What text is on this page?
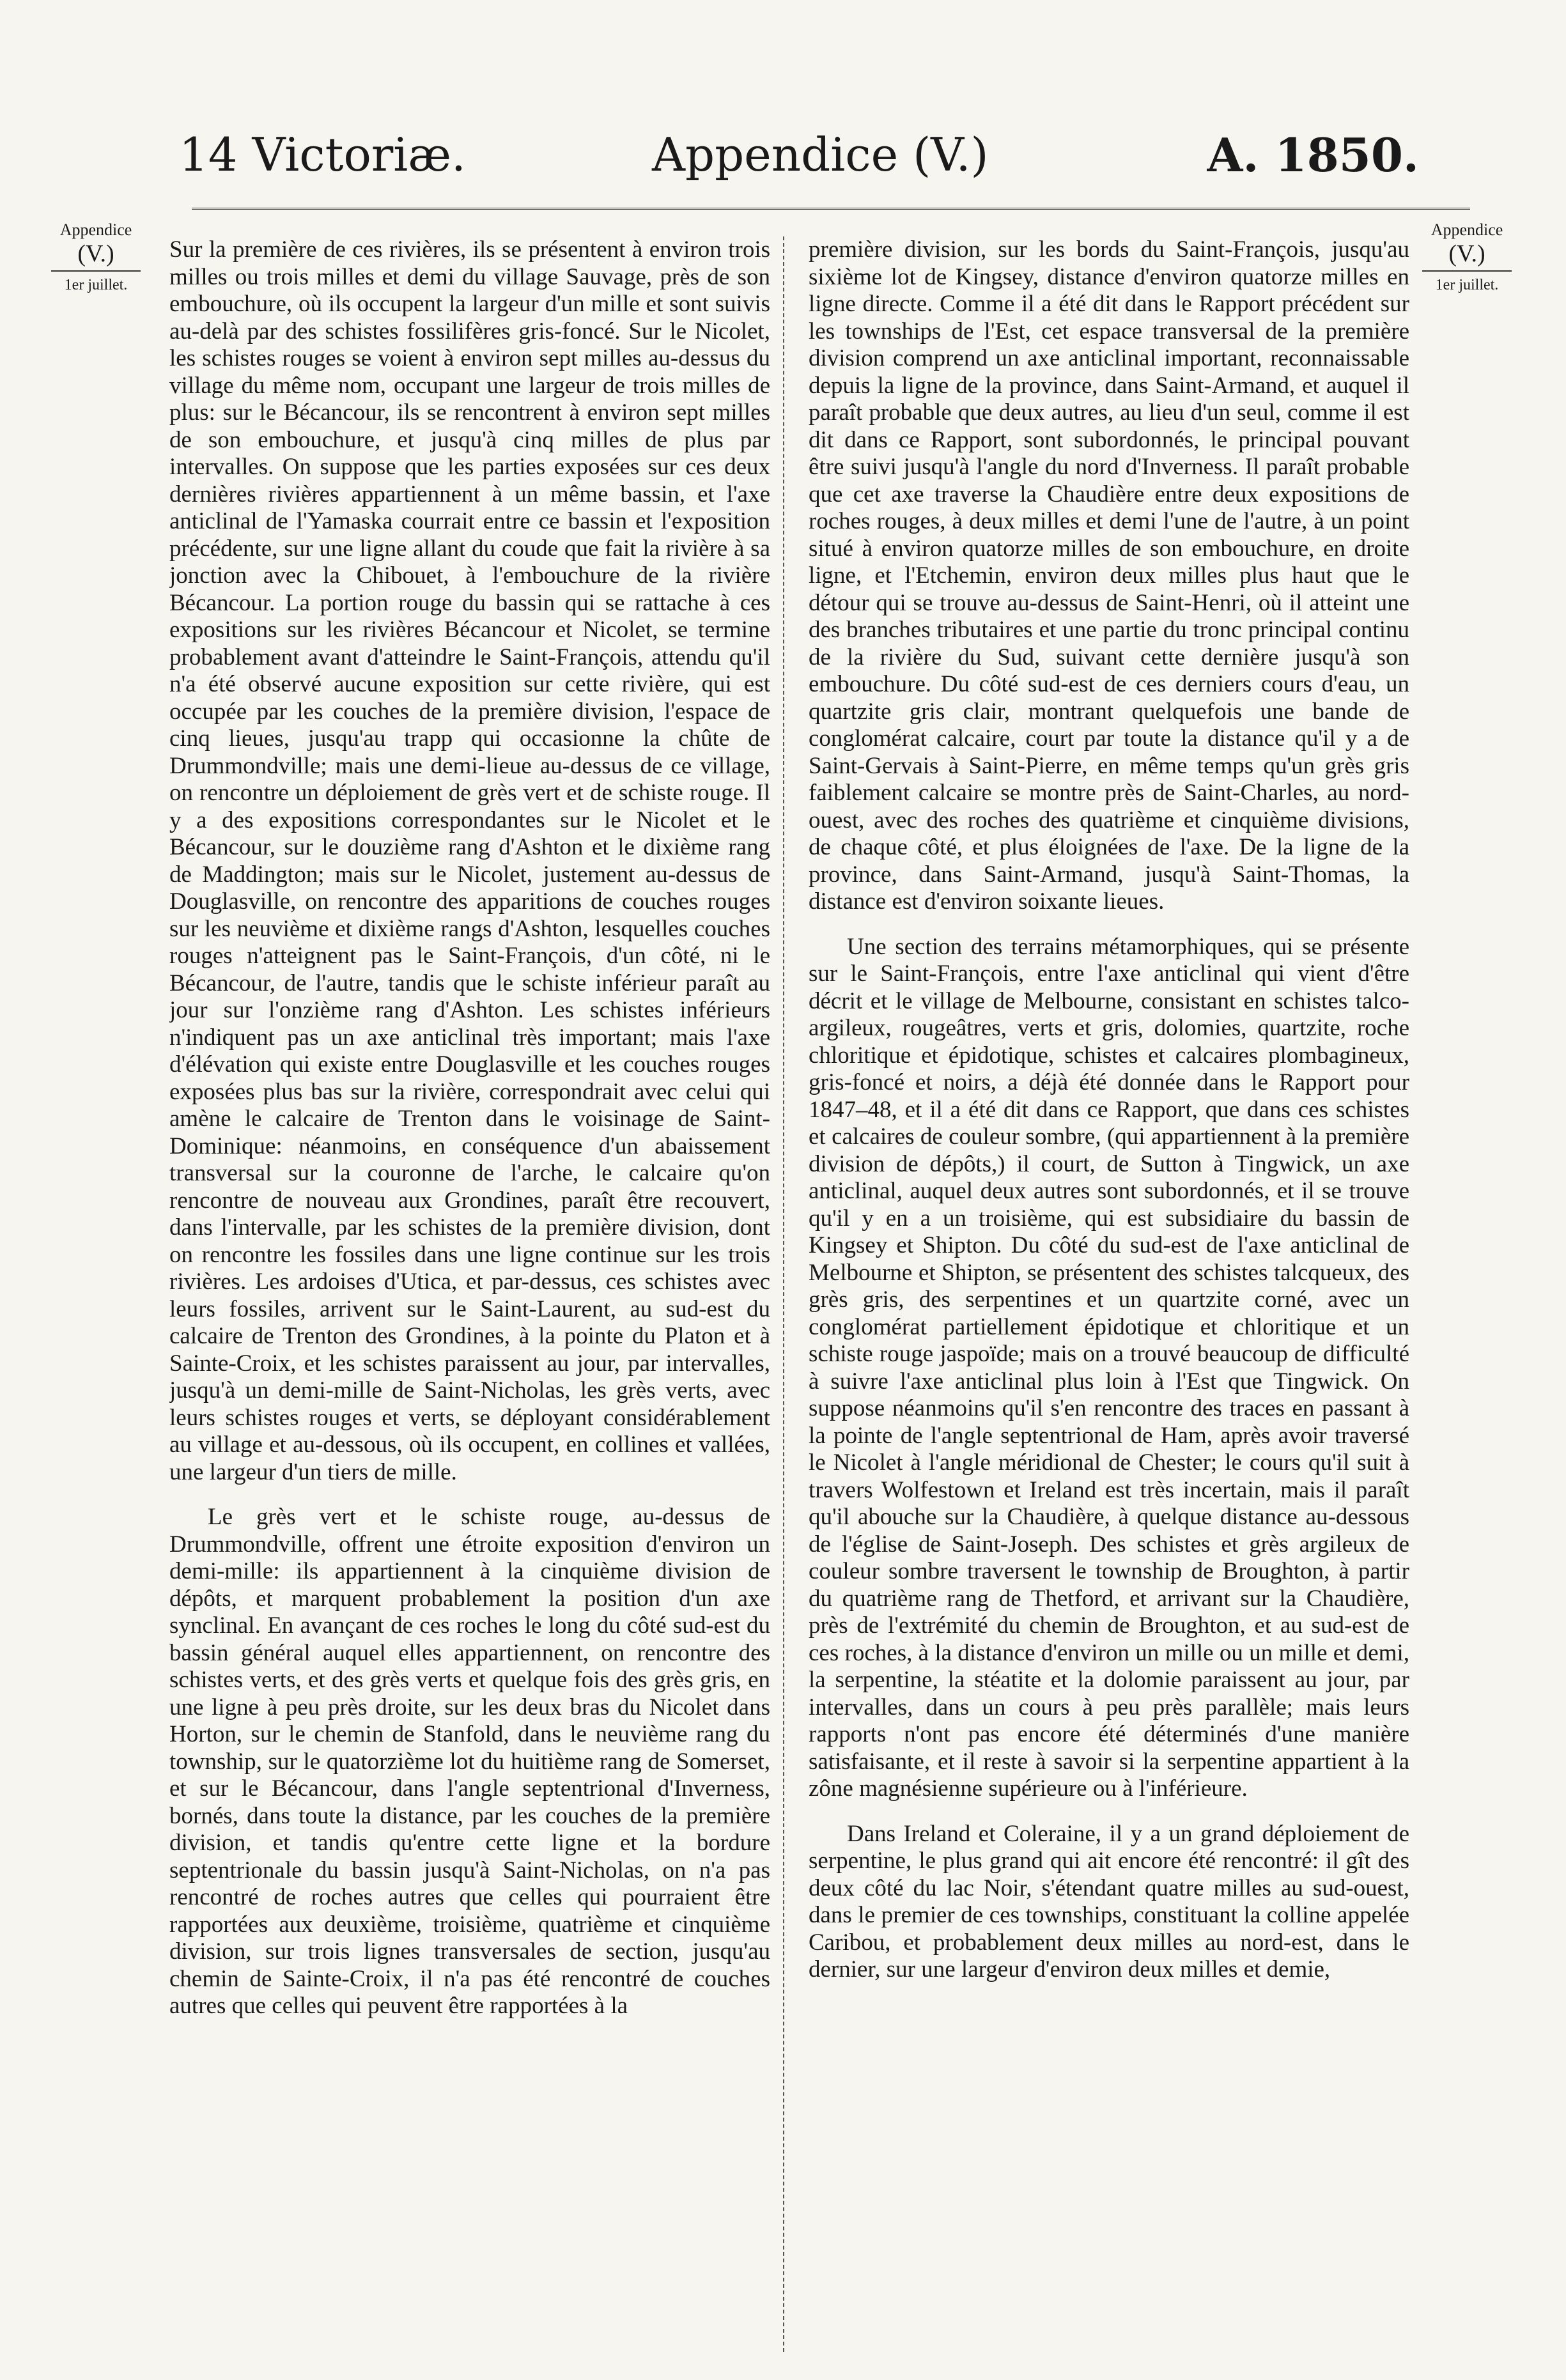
14 Victoriæ.	Appendice (V.)	A. 1850.
Appendice
(V.)
1er juillet.
Appendice
(V.)
1er juillet.

Sur la première de ces rivières, ils se présentent à environ trois milles ou trois milles et demi du village Sauvage, près de son embouchure, où ils occupent la largeur d'un mille et sont suivis au-delà par des schistes fossilifères gris-foncé. Sur le Nicolet, les schistes rouges se voient à environ sept milles au-dessus du village du même nom, occupant une largeur de trois milles de plus: sur le Bécancour, ils se rencontrent à environ sept milles de son embouchure, et jusqu'à cinq milles de plus par intervalles. On suppose que les parties exposées sur ces deux dernières rivières appartiennent à un même bassin, et l'axe anticlinal de l'Yamaska courrait entre ce bassin et l'exposition précédente, sur une ligne allant du coude que fait la rivière à sa jonction avec la Chibouet, à l'embouchure de la rivière Bécancour. La portion rouge du bassin qui se rattache à ces expositions sur les rivières Bécancour et Nicolet, se termine probablement avant d'atteindre le Saint-François, attendu qu'il n'a été observé aucune exposition sur cette rivière, qui est occupée par les couches de la première division, l'espace de cinq lieues, jusqu'au trapp qui occasionne la chûte de Drummondville; mais une demi-lieue au-dessus de ce village, on rencontre un déploiement de grès vert et de schiste rouge. Il y a des expositions correspondantes sur le Nicolet et le Bécancour, sur le douzième rang d'Ashton et le dixième rang de Maddington; mais sur le Nicolet, justement au-dessus de Douglasville, on rencontre des apparitions de couches rouges sur les neuvième et dixième rangs d'Ashton, lesquelles couches rouges n'atteignent pas le Saint-François, d'un côté, ni le Bécancour, de l'autre, tandis que le schiste inférieur paraît au jour sur l'onzième rang d'Ashton. Les schistes inférieurs n'indiquent pas un axe anticlinal très important; mais l'axe d'élévation qui existe entre Douglasville et les couches rouges exposées plus bas sur la rivière, correspondrait avec celui qui amène le calcaire de Trenton dans le voisinage de Saint-Dominique: néanmoins, en conséquence d'un abaissement transversal sur la couronne de l'arche, le calcaire qu'on rencontre de nouveau aux Grondines, paraît être recouvert, dans l'intervalle, par les schistes de la première division, dont on rencontre les fossiles dans une ligne continue sur les trois rivières. Les ardoises d'Utica, et par-dessus, ces schistes avec leurs fossiles, arrivent sur le Saint-Laurent, au sud-est du calcaire de Trenton des Grondines, à la pointe du Platon et à Sainte-Croix, et les schistes paraissent au jour, par intervalles, jusqu'à un demi-mille de Saint-Nicholas, les grès verts, avec leurs schistes rouges et verts, se déployant considérablement au village et au-dessous, où ils occupent, en collines et vallées, une largeur d'un tiers de mille.

Le grès vert et le schiste rouge, au-dessus de Drummondville, offrent une étroite exposition d'environ un demi-mille: ils appartiennent à la cinquième division de dépôts, et marquent probablement la position d'un axe synclinal. En avançant de ces roches le long du côté sud-est du bassin général auquel elles appartiennent, on rencontre des schistes verts, et des grès verts et quelque fois des grès gris, en une ligne à peu près droite, sur les deux bras du Nicolet dans Horton, sur le chemin de Stanfold, dans le neuvième rang du township, sur le quatorzième lot du huitième rang de Somerset, et sur le Bécancour, dans l'angle septentrional d'Inverness, bornés, dans toute la distance, par les couches de la première division, et tandis qu'entre cette ligne et la bordure septentrionale du bassin jusqu'à Saint-Nicholas, on n'a pas rencontré de roches autres que celles qui pourraient être rapportées aux deuxième, troisième, quatrième et cinquième division, sur trois lignes transversales de section, jusqu'au chemin de Sainte-Croix, il n'a pas été rencontré de couches autres que celles qui peuvent être rapportées à la

première division, sur les bords du Saint-François, jusqu'au sixième lot de Kingsey, distance d'environ quatorze milles en ligne directe. Comme il a été dit dans le Rapport précédent sur les townships de l'Est, cet espace transversal de la première division comprend un axe anticlinal important, reconnaissable depuis la ligne de la province, dans Saint-Armand, et auquel il paraît probable que deux autres, au lieu d'un seul, comme il est dit dans ce Rapport, sont subordonnés, le principal pouvant être suivi jusqu'à l'angle du nord d'Inverness. Il paraît probable que cet axe traverse la Chaudière entre deux expositions de roches rouges, à deux milles et demi l'une de l'autre, à un point situé à environ quatorze milles de son embouchure, en droite ligne, et l'Etchemin, environ deux milles plus haut que le détour qui se trouve au-dessus de Saint-Henri, où il atteint une des branches tributaires et une partie du tronc principal continu de la rivière du Sud, suivant cette dernière jusqu'à son embouchure. Du côté sud-est de ces derniers cours d'eau, un quartzite gris clair, montrant quelquefois une bande de conglomérat calcaire, court par toute la distance qu'il y a de Saint-Gervais à Saint-Pierre, en même temps qu'un grès gris faiblement calcaire se montre près de Saint-Charles, au nord-ouest, avec des roches des quatrième et cinquième divisions, de chaque côté, et plus éloignées de l'axe. De la ligne de la province, dans Saint-Armand, jusqu'à Saint-Thomas, la distance est d'environ soixante lieues.

Une section des terrains métamorphiques, qui se présente sur le Saint-François, entre l'axe anticlinal qui vient d'être décrit et le village de Melbourne, consistant en schistes talco-argileux, rougeâtres, verts et gris, dolomies, quartzite, roche chloritique et épidotique, schistes et calcaires plombagineux, gris-foncé et noirs, a déjà été donnée dans le Rapport pour 1847–48, et il a été dit dans ce Rapport, que dans ces schistes et calcaires de couleur sombre, (qui appartiennent à la première division de dépôts,) il court, de Sutton à Tingwick, un axe anticlinal, auquel deux autres sont subordonnés, et il se trouve qu'il y en a un troisième, qui est subsidiaire du bassin de Kingsey et Shipton. Du côté du sud-est de l'axe anticlinal de Melbourne et Shipton, se présentent des schistes talcqueux, des grès gris, des serpentines et un quartzite corné, avec un conglomérat partiellement épidotique et chloritique et un schiste rouge jaspoïde; mais on a trouvé beaucoup de difficulté à suivre l'axe anticlinal plus loin à l'Est que Tingwick. On suppose néanmoins qu'il s'en rencontre des traces en passant à la pointe de l'angle septentrional de Ham, après avoir traversé le Nicolet à l'angle méridional de Chester; le cours qu'il suit à travers Wolfestown et Ireland est très incertain, mais il paraît qu'il abouche sur la Chaudière, à quelque distance au-dessous de l'église de Saint-Joseph. Des schistes et grès argileux de couleur sombre traversent le township de Broughton, à partir du quatrième rang de Thetford, et arrivant sur la Chaudière, près de l'extrémité du chemin de Broughton, et au sud-est de ces roches, à la distance d'environ un mille ou un mille et demi, la serpentine, la stéatite et la dolomie paraissent au jour, par intervalles, dans un cours à peu près parallèle; mais leurs rapports n'ont pas encore été déterminés d'une manière satisfaisante, et il reste à savoir si la serpentine appartient à la zône magnésienne supérieure ou à l'inférieure.

Dans Ireland et Coleraine, il y a un grand déploiement de serpentine, le plus grand qui ait encore été rencontré: il gît des deux côté du lac Noir, s'étendant quatre milles au sud-ouest, dans le premier de ces townships, constituant la colline appelée Caribou, et probablement deux milles au nord-est, dans le dernier, sur une largeur d'environ deux milles et demie,
